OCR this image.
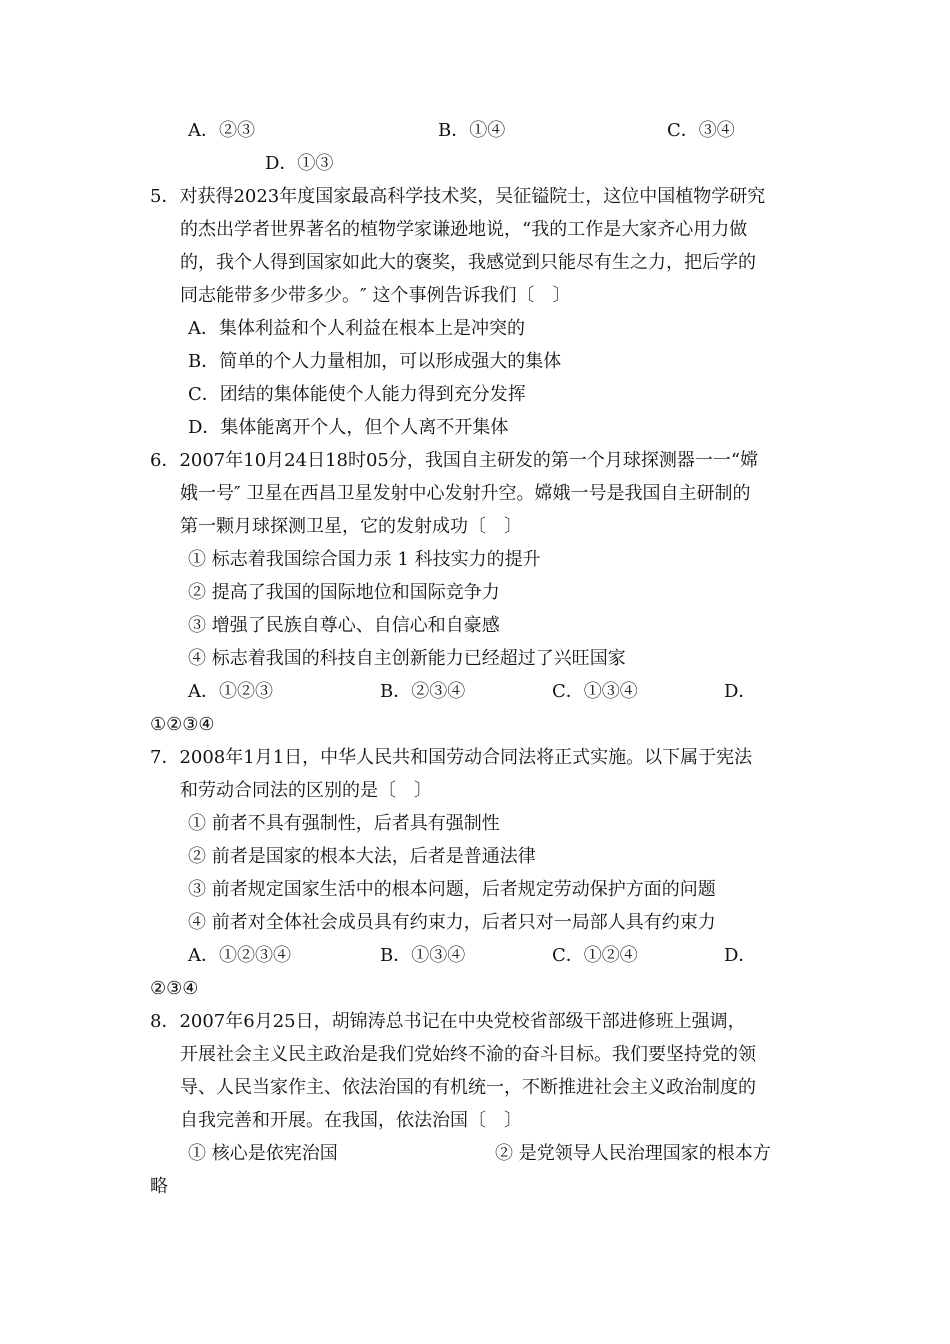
A．②③	B．①④	C．③④
D．①③
5．对获得2023年度国家最高科学技术奖，吴征镒院士，这位中国植物学研究
的杰出学者世界著名的植物学家谦逊地说，“我的工作是大家齐心用力做
的，我个人得到国家如此大的褒奖，我感觉到只能尽有生之力，把后学的
同志能带多少带多少。″ 这个事例告诉我们〔　〕
A．集体利益和个人利益在根本上是冲突的
B．简单的个人力量相加，可以形成强大的集体
C．团结的集体能使个人能力得到充分发挥
D．集体能离开个人，但个人离不开集体
6．2007年10月24日18时05分，我国自主研发的第一个月球探测器一一“嫦
娥一号″ 卫星在西昌卫星发射中心发射升空。嫦娥一号是我国自主研制的
第一颗月球探测卫星，它的发射成功〔　〕
① 标志着我国综合国力汞 1 科技实力的提升
② 提高了我国的国际地位和国际竞争力
③ 增强了民族自尊心、自信心和自豪感
④ 标志着我国的科技自主创新能力已经超过了兴旺国家
A．①②③	B．②③④	C．①③④	D．
①②③④
7．2008年1月1日，中华人民共和国劳动合同法将正式实施。以下属于宪法
和劳动合同法的区别的是〔　〕
① 前者不具有强制性，后者具有强制性
② 前者是国家的根本大法，后者是普通法律
③ 前者规定国家生活中的根本问题，后者规定劳动保护方面的问题
④ 前者对全体社会成员具有约束力，后者只对一局部人具有约束力
A．①②③④	B．①③④	C．①②④	D．
②③④
8．2007年6月25日，胡锦涛总书记在中央党校省部级干部进修班上强调，
开展社会主义民主政治是我们党始终不渝的奋斗目标。我们要坚持党的领
导、人民当家作主、依法治国的有机统一，不断推进社会主义政治制度的
自我完善和开展。在我国，依法治国〔　〕
① 核心是依宪治国	② 是党领导人民治理国家的根本方
略
